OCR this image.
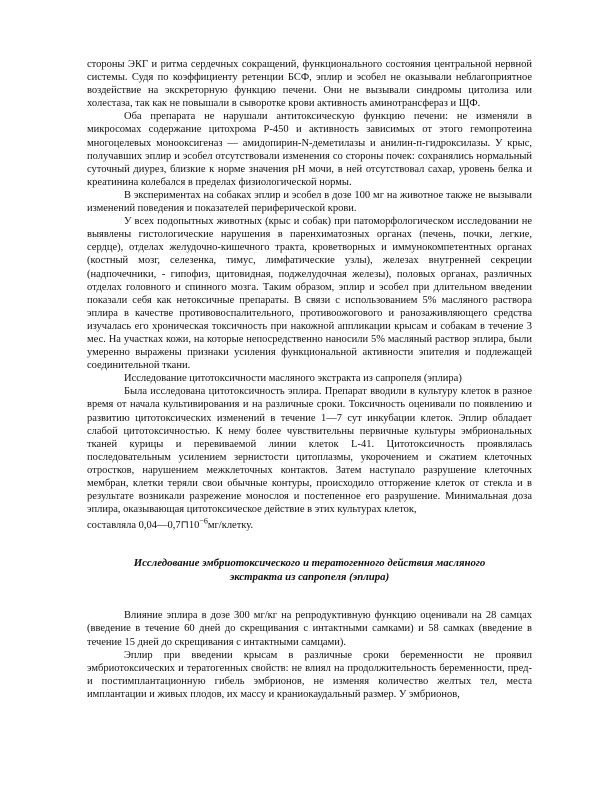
стороны ЭКГ и ритма сердечных сокращений, функционального состояния центральной нервной системы. Судя по коэффициенту ретенции БСФ, эплир и эсобел не оказывали неблагоприятное воздействие на экскреторную функцию печени. Они не вызывали синдромы цитолиза или холестаза, так как не повышали в сыворотке крови активность аминотрансфераз и ЩФ.

Оба препарата не нарушали антитоксическую функцию печени: не изменяли в микросомах содержание цитохрома Р-450 и активность зависимых от этого гемопротеина многоцелевых монооксигеназ — амидопирин-N-деметилазы и анилин-п-гидроксилазы. У крыс, получавших эплир и эсобел отсутствовали изменения со стороны почек: сохранялись нормальный суточный диурез, близкие к норме значения рН мочи, в ней отсутствовал сахар, уровень белка и креатинина колебался в пределах физиологической нормы.

В экспериментах на собаках эплир и эсобел в дозе 100 мг на животное также не вызывали изменений поведения и показателей периферической крови.

У всех подопытных животных (крыс и собак) при патоморфологическом исследовании не выявлены гистологические нарушения в паренхиматозных органах (печень, почки, легкие, сердце), отделах желудочно-кишечного тракта, кроветворных и иммунокомпетентных органах (костный мозг, селезенка, тимус, лимфатические узлы), железах внутренней секреции (надпочечники, - гипофиз, щитовидная, поджелудочная железы), половых органах, различных отделах головного и спинного мозга. Таким образом, эплир и эсобел при длительном введении показали себя как нетоксичные препараты. В связи с использованием 5% масляного раствора эплира в качестве противовоспалительного, противоожогового и ранозаживляющего средства изучалась его хроническая токсичность при накожной аппликации крысам и собакам в течение 3 мес. На участках кожи, на которые непосредственно наносили 5% масляный раствор эплира, были умеренно выражены признаки усиления функциональной активности эпителия и подлежащей соединительной ткани.

Исследование цитотоксичности масляного экстракта из сапропеля (эплира)

Была исследована цитотоксичность эплира. Препарат вводили в культуру клеток в разное время от начала культивирования и на различные сроки. Токсичность оценивали по появлению и развитию цитотоксических изменений в течение 1—7 сут инкубации клеток. Эплир обладает слабой цитотоксичностью. К нему более чувствительны первичные культуры эмбриональных тканей курицы и перевиваемой линии клеток L-41. Цитотоксичность проявлялась последовательным усилением зернистости цитоплазмы, укорочением и сжатием клеточных отростков, нарушением межклеточных контактов. Затем наступало разрушение клеточных мембран, клетки теряли свои обычные контуры, происходило отторжение клеток от стекла и в результате возникали разрежение монослоя и постепенное его разрушение. Минимальная доза эплира, оказывающая цитотоксическое действие в этих культурах клеток,

составляла $0,04—0,7⊓10^{-6}мг$/клетку.

Исследование эмбриотоксического и тератогенного действия масляного
экстракта из сапропеля (эплира)

Влияние эплира в дозе 300 мг/кг на репродуктивную функцию оценивали на 28 самцах (введение в течение 60 дней до скрещивания с интактными самками) и 58 самках (введение в течение 15 дней до скрещивания с интактными самцами).

Эплир при введении крысам в различные сроки беременности не проявил эмбриотоксических и тератогенных свойств: не влиял на продолжительность беременности, пред- и постимплантационную гибель эмбрионов, не изменяя количество желтых тел, места имплантации и живых плодов, их массу и краниокаудальный размер. У эмбрионов,
